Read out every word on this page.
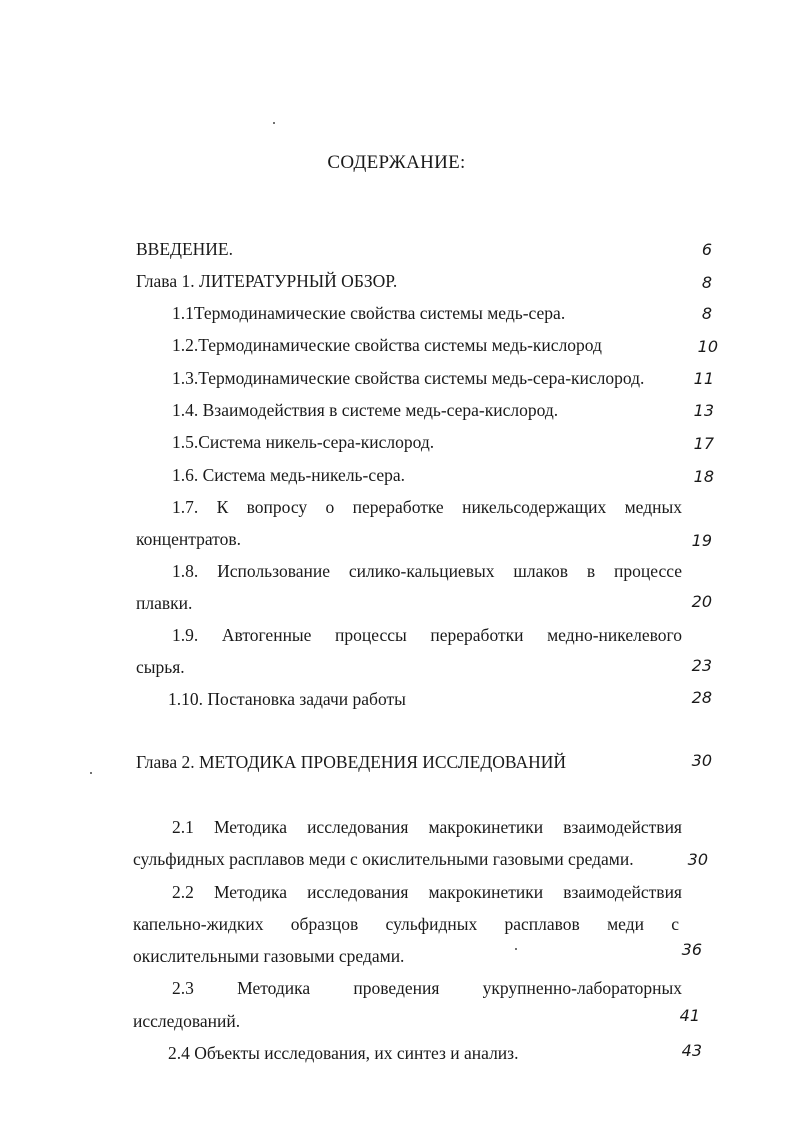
СОДЕРЖАНИЕ:
ВВЕДЕНИЕ.	6
Глава 1. ЛИТЕРАТУРНЫЙ ОБЗОР.	8
1.1Термодинамические свойства системы медь-сера.	8
1.2.Термодинамические свойства системы медь-кислород	10
1.3.Термодинамические свойства системы медь-сера-кислород.	11
1.4. Взаимодействия в системе медь-сера-кислород.	13
1.5.Система никель-сера-кислород.	17
1.6. Система медь-никель-сера.	18
1.7. К вопросу о переработке никельсодержащих медных
концентратов.	19
1.8. Использование силико-кальциевых шлаков в процессе
плавки.	20
1.9. Автогенные процессы переработки медно-никелевого
сырья.	23
1.10. Постановка задачи работы	28
Глава 2. МЕТОДИКА ПРОВЕДЕНИЯ ИССЛЕДОВАНИЙ	30
2.1 Методика исследования макрокинетики взаимодействия
сульфидных расплавов меди с окислительными газовыми средами.	30
2.2 Методика исследования макрокинетики взаимодействия
капельно-жидких образцов сульфидных расплавов меди с
окислительными газовыми средами.	36
2.3 Методика проведения укрупненно-лабораторных
исследований.	41
2.4 Объекты исследования, их синтез и анализ.	43
